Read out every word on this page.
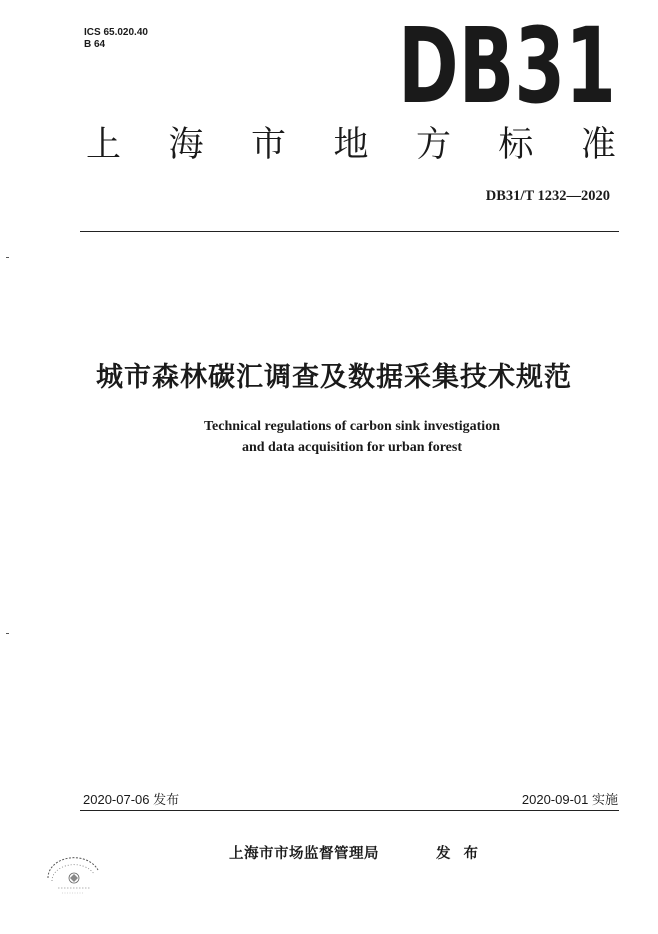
ICS 65.020.40
B 64	DB31
上 海 市 地 方 标 准
DB31/T 1232—2020
城市森林碳汇调查及数据采集技术规范
Technical regulations of carbon sink investigation
and data acquisition for urban forest
2020-07-06 发布	2020-09-01 实施
上海市市场监督管理局	发 布
